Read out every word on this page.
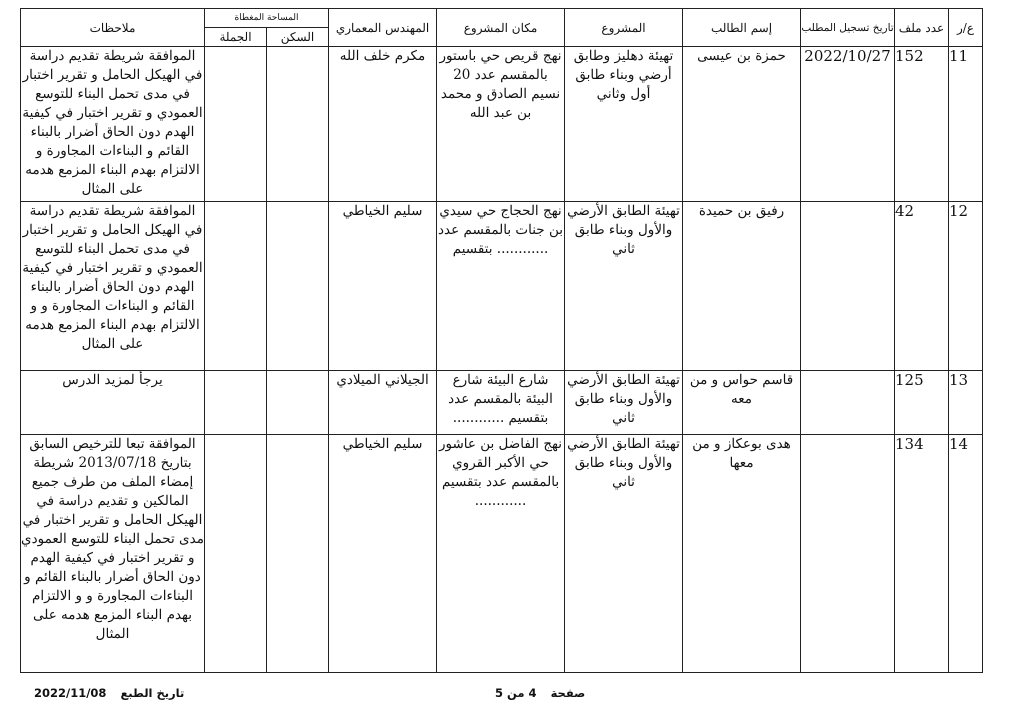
ع/ر	عدد ملف	تاريخ تسجيل المطلب	إسم الطالب	المشروع	مكان المشروع	المهندس المعماري	المساحة المغطاة		ملاحظات
							السكن	الجملة	
11	152	2022/10/27	حمزة بن عيسى	تهيئة دهليز وطابق أرضي وبناء طابق أول وثاني	نهج قريص حي باستور بالمقسم عدد 20 نسيم الصادق و محمد بن عبد الله	مكرم خلف الله			الموافقة شريطة تقديم دراسة في الهيكل الحامل و تقرير اختبار في مدى تحمل البناء للتوسع العمودي و تقرير اختبار في كيفية الهدم دون الحاق أضرار بالبناء القائم و البناءات المجاورة و الالتزام بهدم البناء المزمع هدمه على المثال
12	42		رفيق بن حميدة	تهيئة الطابق الأرضي والأول وبناء طابق ثاني	نهج الحجاج حي سيدي بن جنات بالمقسم عدد ............ بتقسيم	سليم الخياطي			الموافقة شريطة تقديم دراسة في الهيكل الحامل و تقرير اختبار في مدى تحمل البناء للتوسع العمودي و تقرير اختبار في كيفية الهدم دون الحاق أضرار بالبناء القائم و البناءات المجاورة و و الالتزام بهدم البناء المزمع هدمه على المثال
13	125		قاسم حواس و من معه	تهيئة الطابق الأرضي والأول وبناء طابق ثاني	شارع البيئة شارع البيئة بالمقسم عدد بتقسيم ............	الجيلاني الميلادي			يرجأ لمزيد الدرس
14	134		هدى بوعكاز و من معها	تهيئة الطابق الأرضي والأول وبناء طابق ثاني	نهج الفاضل بن عاشور حي الأكبر القروي بالمقسم عدد بتقسيم ............	سليم الخياطي			الموافقة تبعا للترخيص السابق بتاريخ 2013/07/18 شريطة إمضاء الملف من طرف جميع المالكين و تقديم دراسة في الهيكل الحامل و تقرير اختبار في مدى تحمل البناء للتوسع العمودي و تقرير اختبار في كيفية الهدم دون الحاق أضرار بالبناء القائم و البناءات المجاورة و و الالتزام بهدم البناء المزمع هدمه على المثال
صفحة 4 من 5
تاريخ الطبع 2022/11/08
